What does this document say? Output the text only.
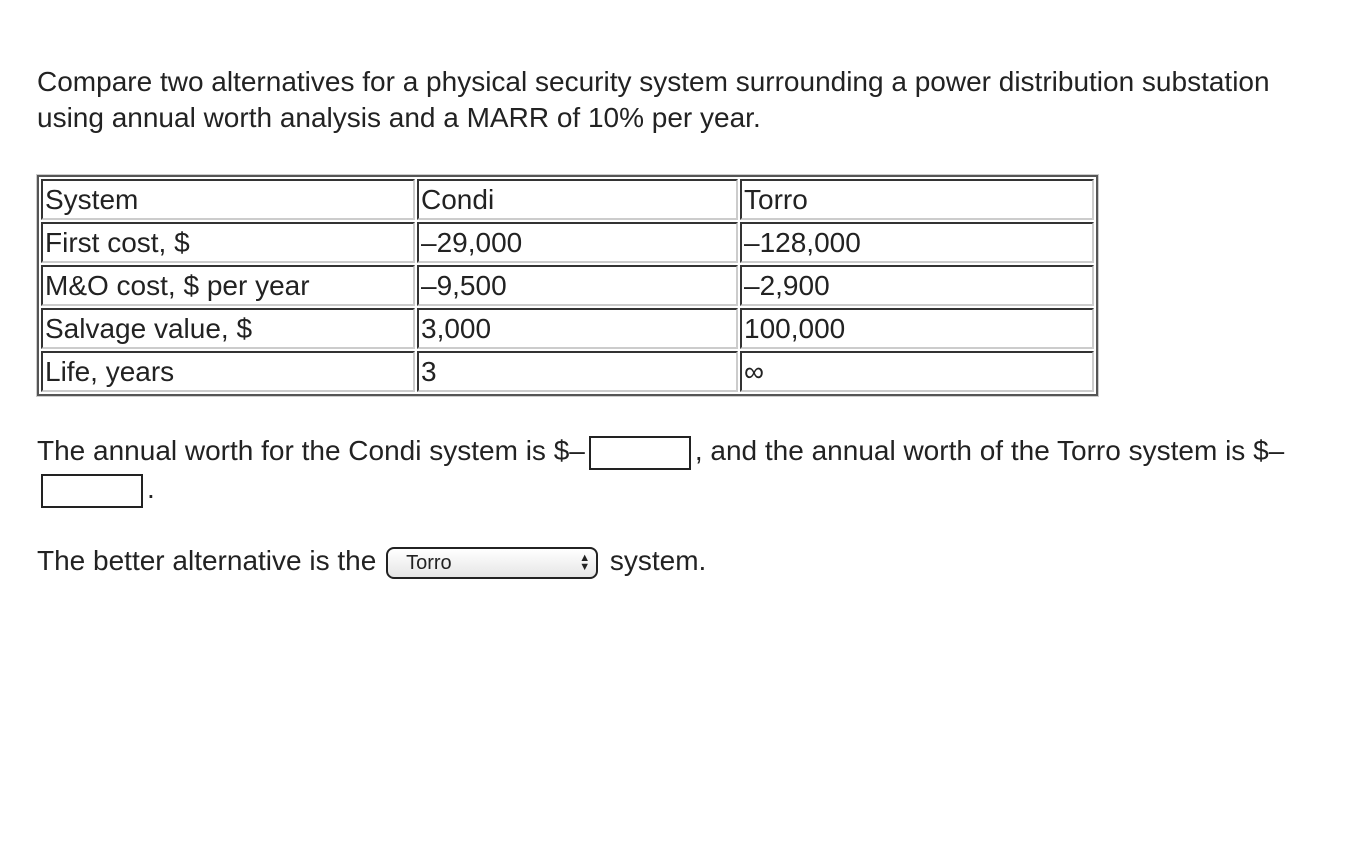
Compare two alternatives for a physical security system surrounding a power distribution substation using annual worth analysis and a MARR of 10% per year.
System	Condi	Torro
First cost, $	–29,000	–128,000
M&O cost, $ per year	–9,500	–2,900
Salvage value, $	3,000	100,000
Life, years	3	∞
The annual worth for the Condi system is $–	, and the annual worth of the Torro system is $–.
The better alternative is the Torro	▲
▼ system.
